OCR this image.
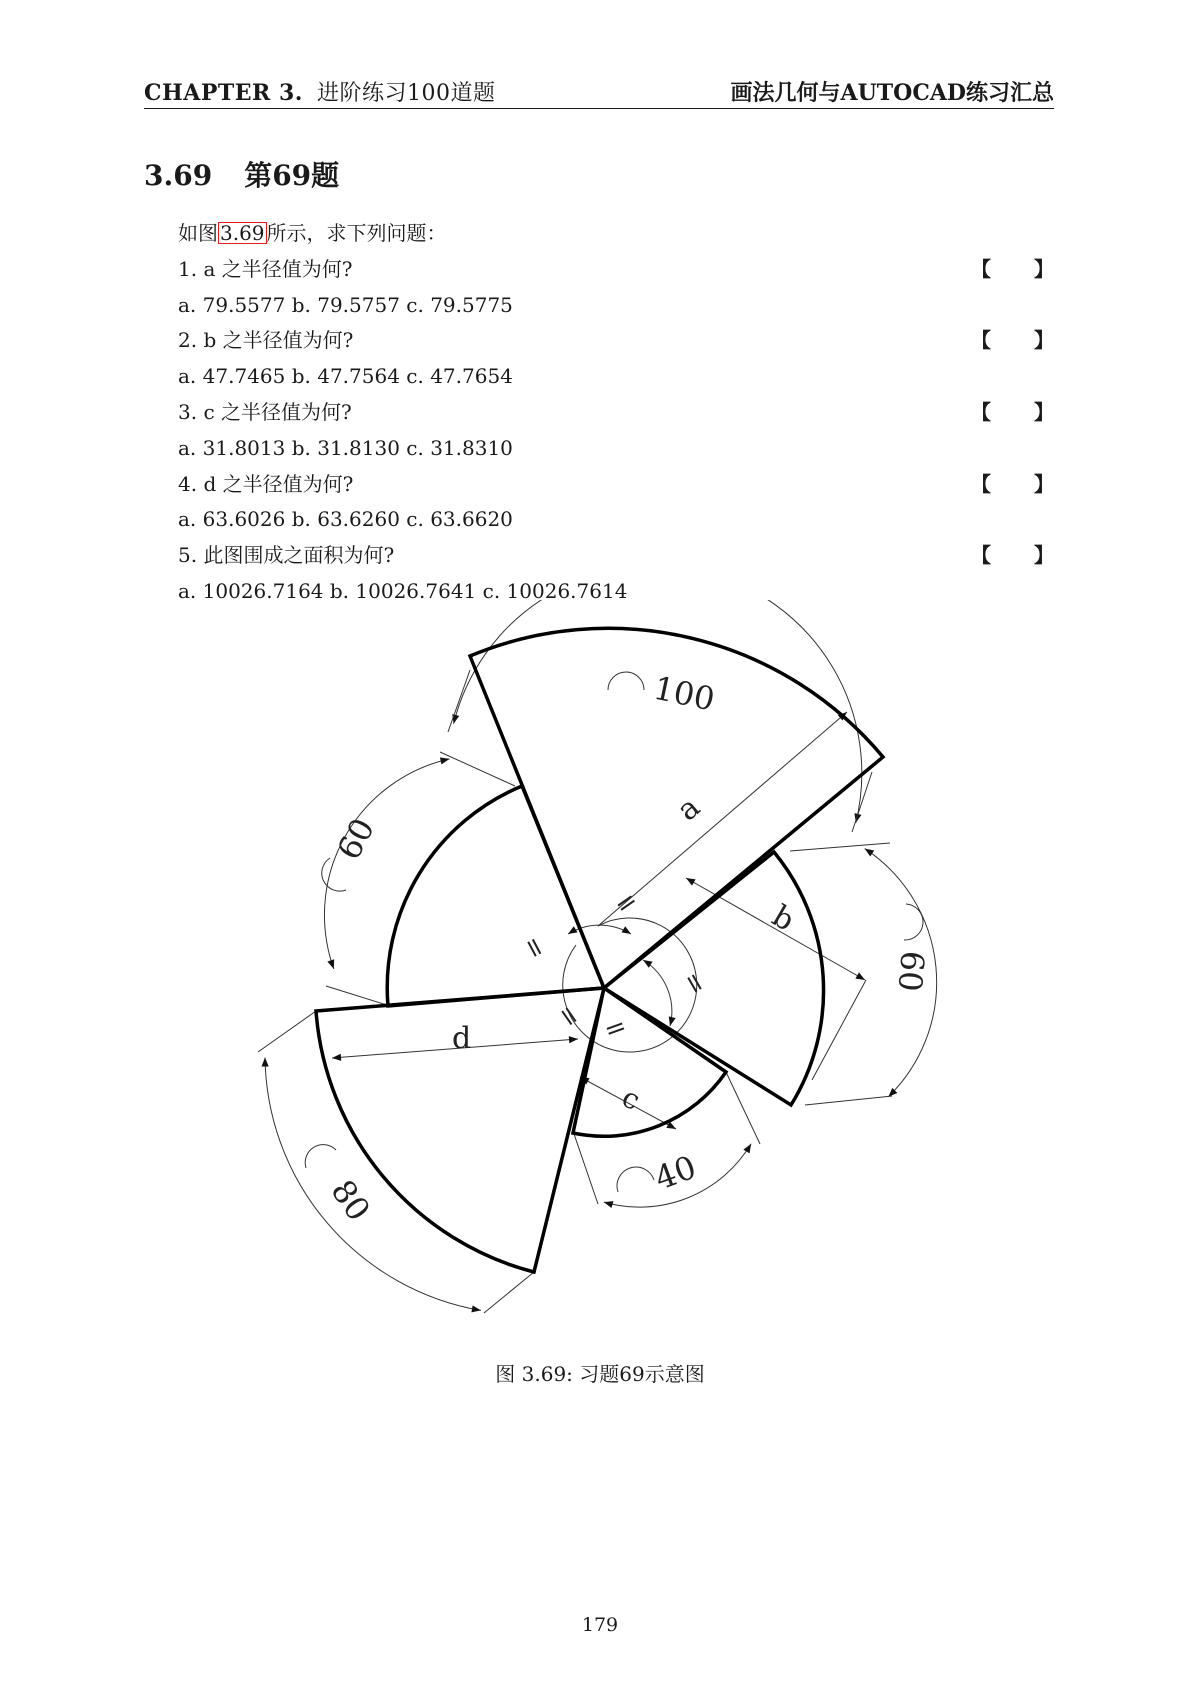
CHAPTER 3. 进阶练习100道题	画法几何与AUTOCAD练习汇总
3.69 第69题
如图 3.69 所示，求下列问题：
1. a 之半径值为何?	【 】
a. 79.5577 b. 79.5757 c. 79.5775
2. b 之半径值为何?	【 】
a. 47.7465 b. 47.7564 c. 47.7654
3. c 之半径值为何?	【 】
a. 31.8013 b. 31.8130 c. 31.8310
4. d 之半径值为何?	【 】
a. 63.6026 b. 63.6260 c. 63.6620
5. 此图围成之面积为何?	【 】
a. 10026.7164 b. 10026.7641 c. 10026.7614
a
b
c
d
100
60
60
40
80
=
=
=
= =
图 3.69: 习题69示意图
179
